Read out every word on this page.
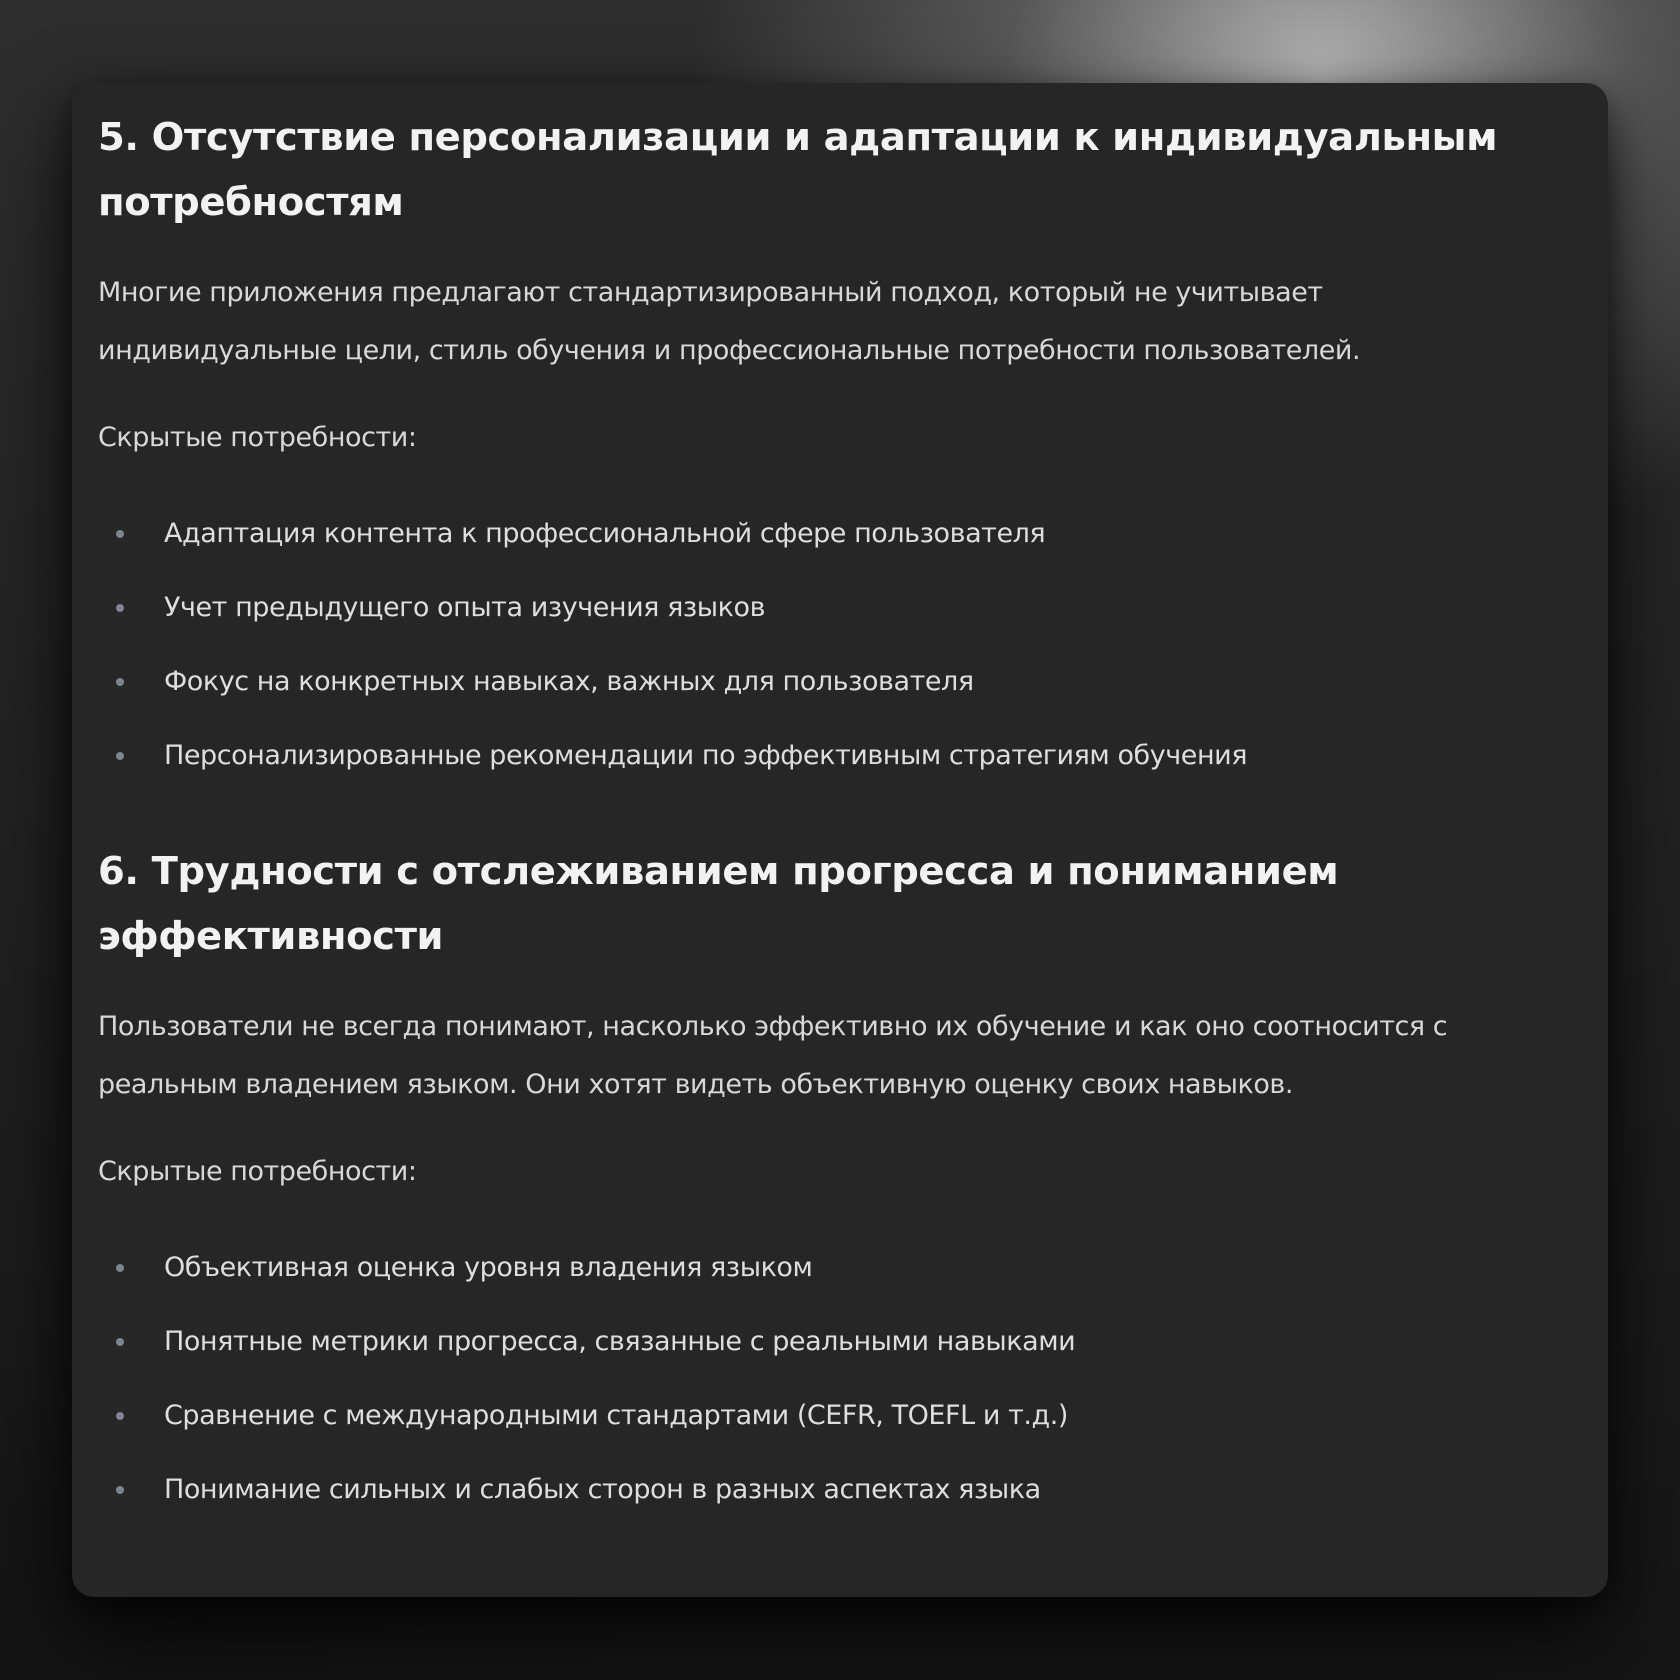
5. Отсутствие персонализации и адаптации к индивидуальным
потребностям

Многие приложения предлагают стандартизированный подход, который не учитывает
индивидуальные цели, стиль обучения и профессиональные потребности пользователей.

Скрытые потребности:

Адаптация контента к профессиональной сфере пользователя
Учет предыдущего опыта изучения языков
Фокус на конкретных навыках, важных для пользователя
Персонализированные рекомендации по эффективным стратегиям обучения
6. Трудности с отслеживанием прогресса и пониманием
эффективности

Пользователи не всегда понимают, насколько эффективно их обучение и как оно соотносится с
реальным владением языком. Они хотят видеть объективную оценку своих навыков.

Скрытые потребности:

Объективная оценка уровня владения языком
Понятные метрики прогресса, связанные с реальными навыками
Сравнение с международными стандартами (CEFR, TOEFL и т.д.)
Понимание сильных и слабых сторон в разных аспектах языка
